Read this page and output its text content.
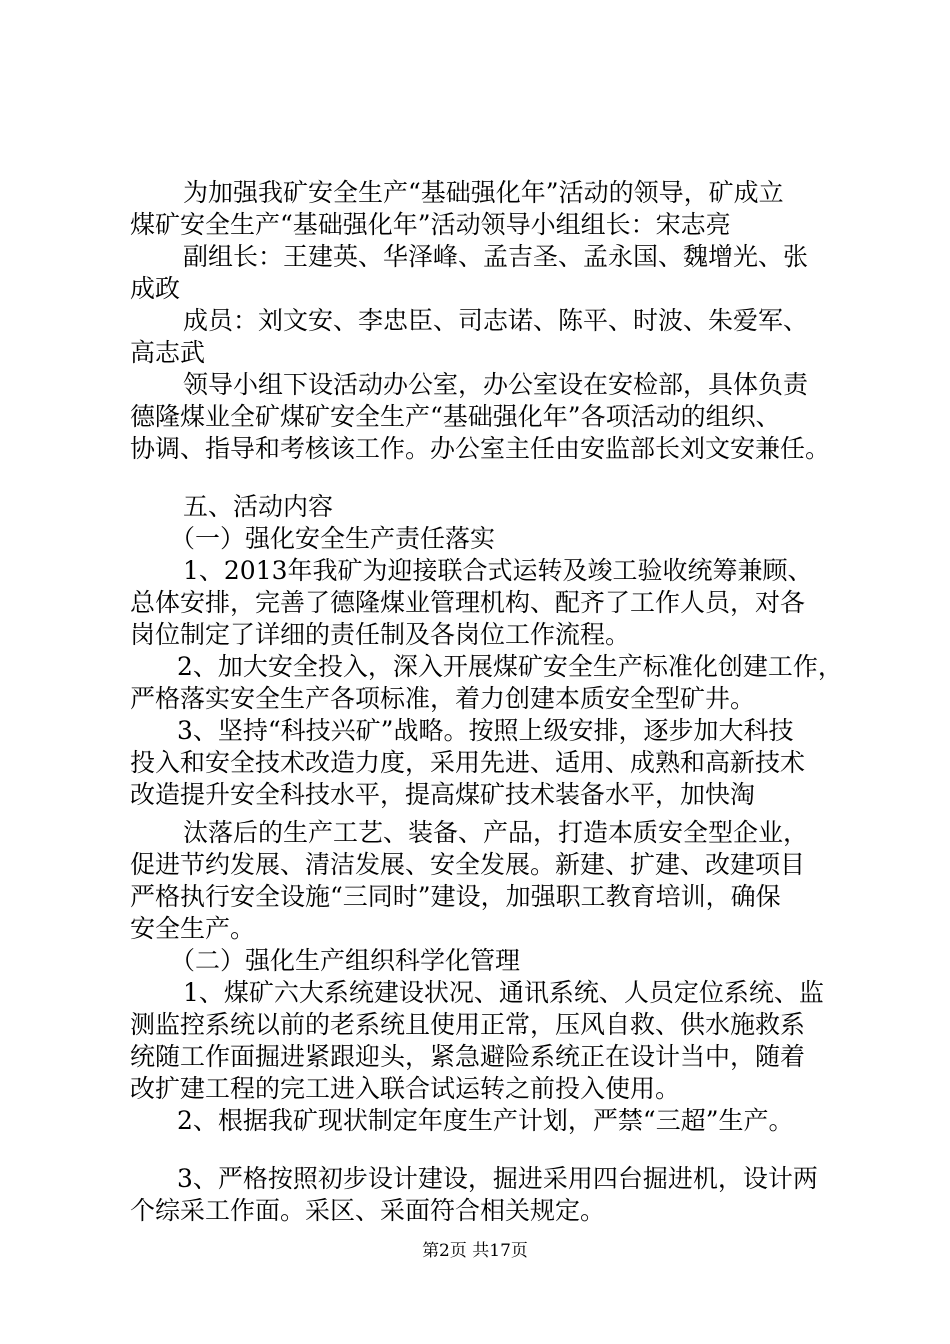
为加强我矿安全生产“基础强化年”活动的领导，矿成立
煤矿安全生产“基础强化年”活动领导小组组长：宋志亮
副组长：王建英、华泽峰、孟吉圣、孟永国、魏增光、张
成政
成员：刘文安、李忠臣、司志诺、陈平、时波、朱爱军、
高志武
领导小组下设活动办公室，办公室设在安检部，具体负责
德隆煤业全矿煤矿安全生产“基础强化年”各项活动的组织、
协调、指导和考核该工作。办公室主任由安监部长刘文安兼任。
五、活动内容
（一）强化安全生产责任落实
1、2013年我矿为迎接联合式运转及竣工验收统筹兼顾、
总体安排，完善了德隆煤业管理机构、配齐了工作人员，对各
岗位制定了详细的责任制及各岗位工作流程。
2、加大安全投入，深入开展煤矿安全生产标准化创建工作，
严格落实安全生产各项标准，着力创建本质安全型矿井。
3、坚持“科技兴矿”战略。按照上级安排，逐步加大科技
投入和安全技术改造力度，采用先进、适用、成熟和高新技术
改造提升安全科技水平，提高煤矿技术装备水平，加快淘
汰落后的生产工艺、装备、产品，打造本质安全型企业，
促进节约发展、清洁发展、安全发展。新建、扩建、改建项目
严格执行安全设施“三同时”建设，加强职工教育培训，确保
安全生产。
（二）强化生产组织科学化管理
1、煤矿六大系统建设状况、通讯系统、人员定位系统、监
测监控系统以前的老系统且使用正常，压风自救、供水施救系
统随工作面掘进紧跟迎头，紧急避险系统正在设计当中，随着
改扩建工程的完工进入联合试运转之前投入使用。
2、根据我矿现状制定年度生产计划，严禁“三超”生产。
3、严格按照初步设计建设，掘进采用四台掘进机，设计两
个综采工作面。采区、采面符合相关规定。
第2页 共17页
